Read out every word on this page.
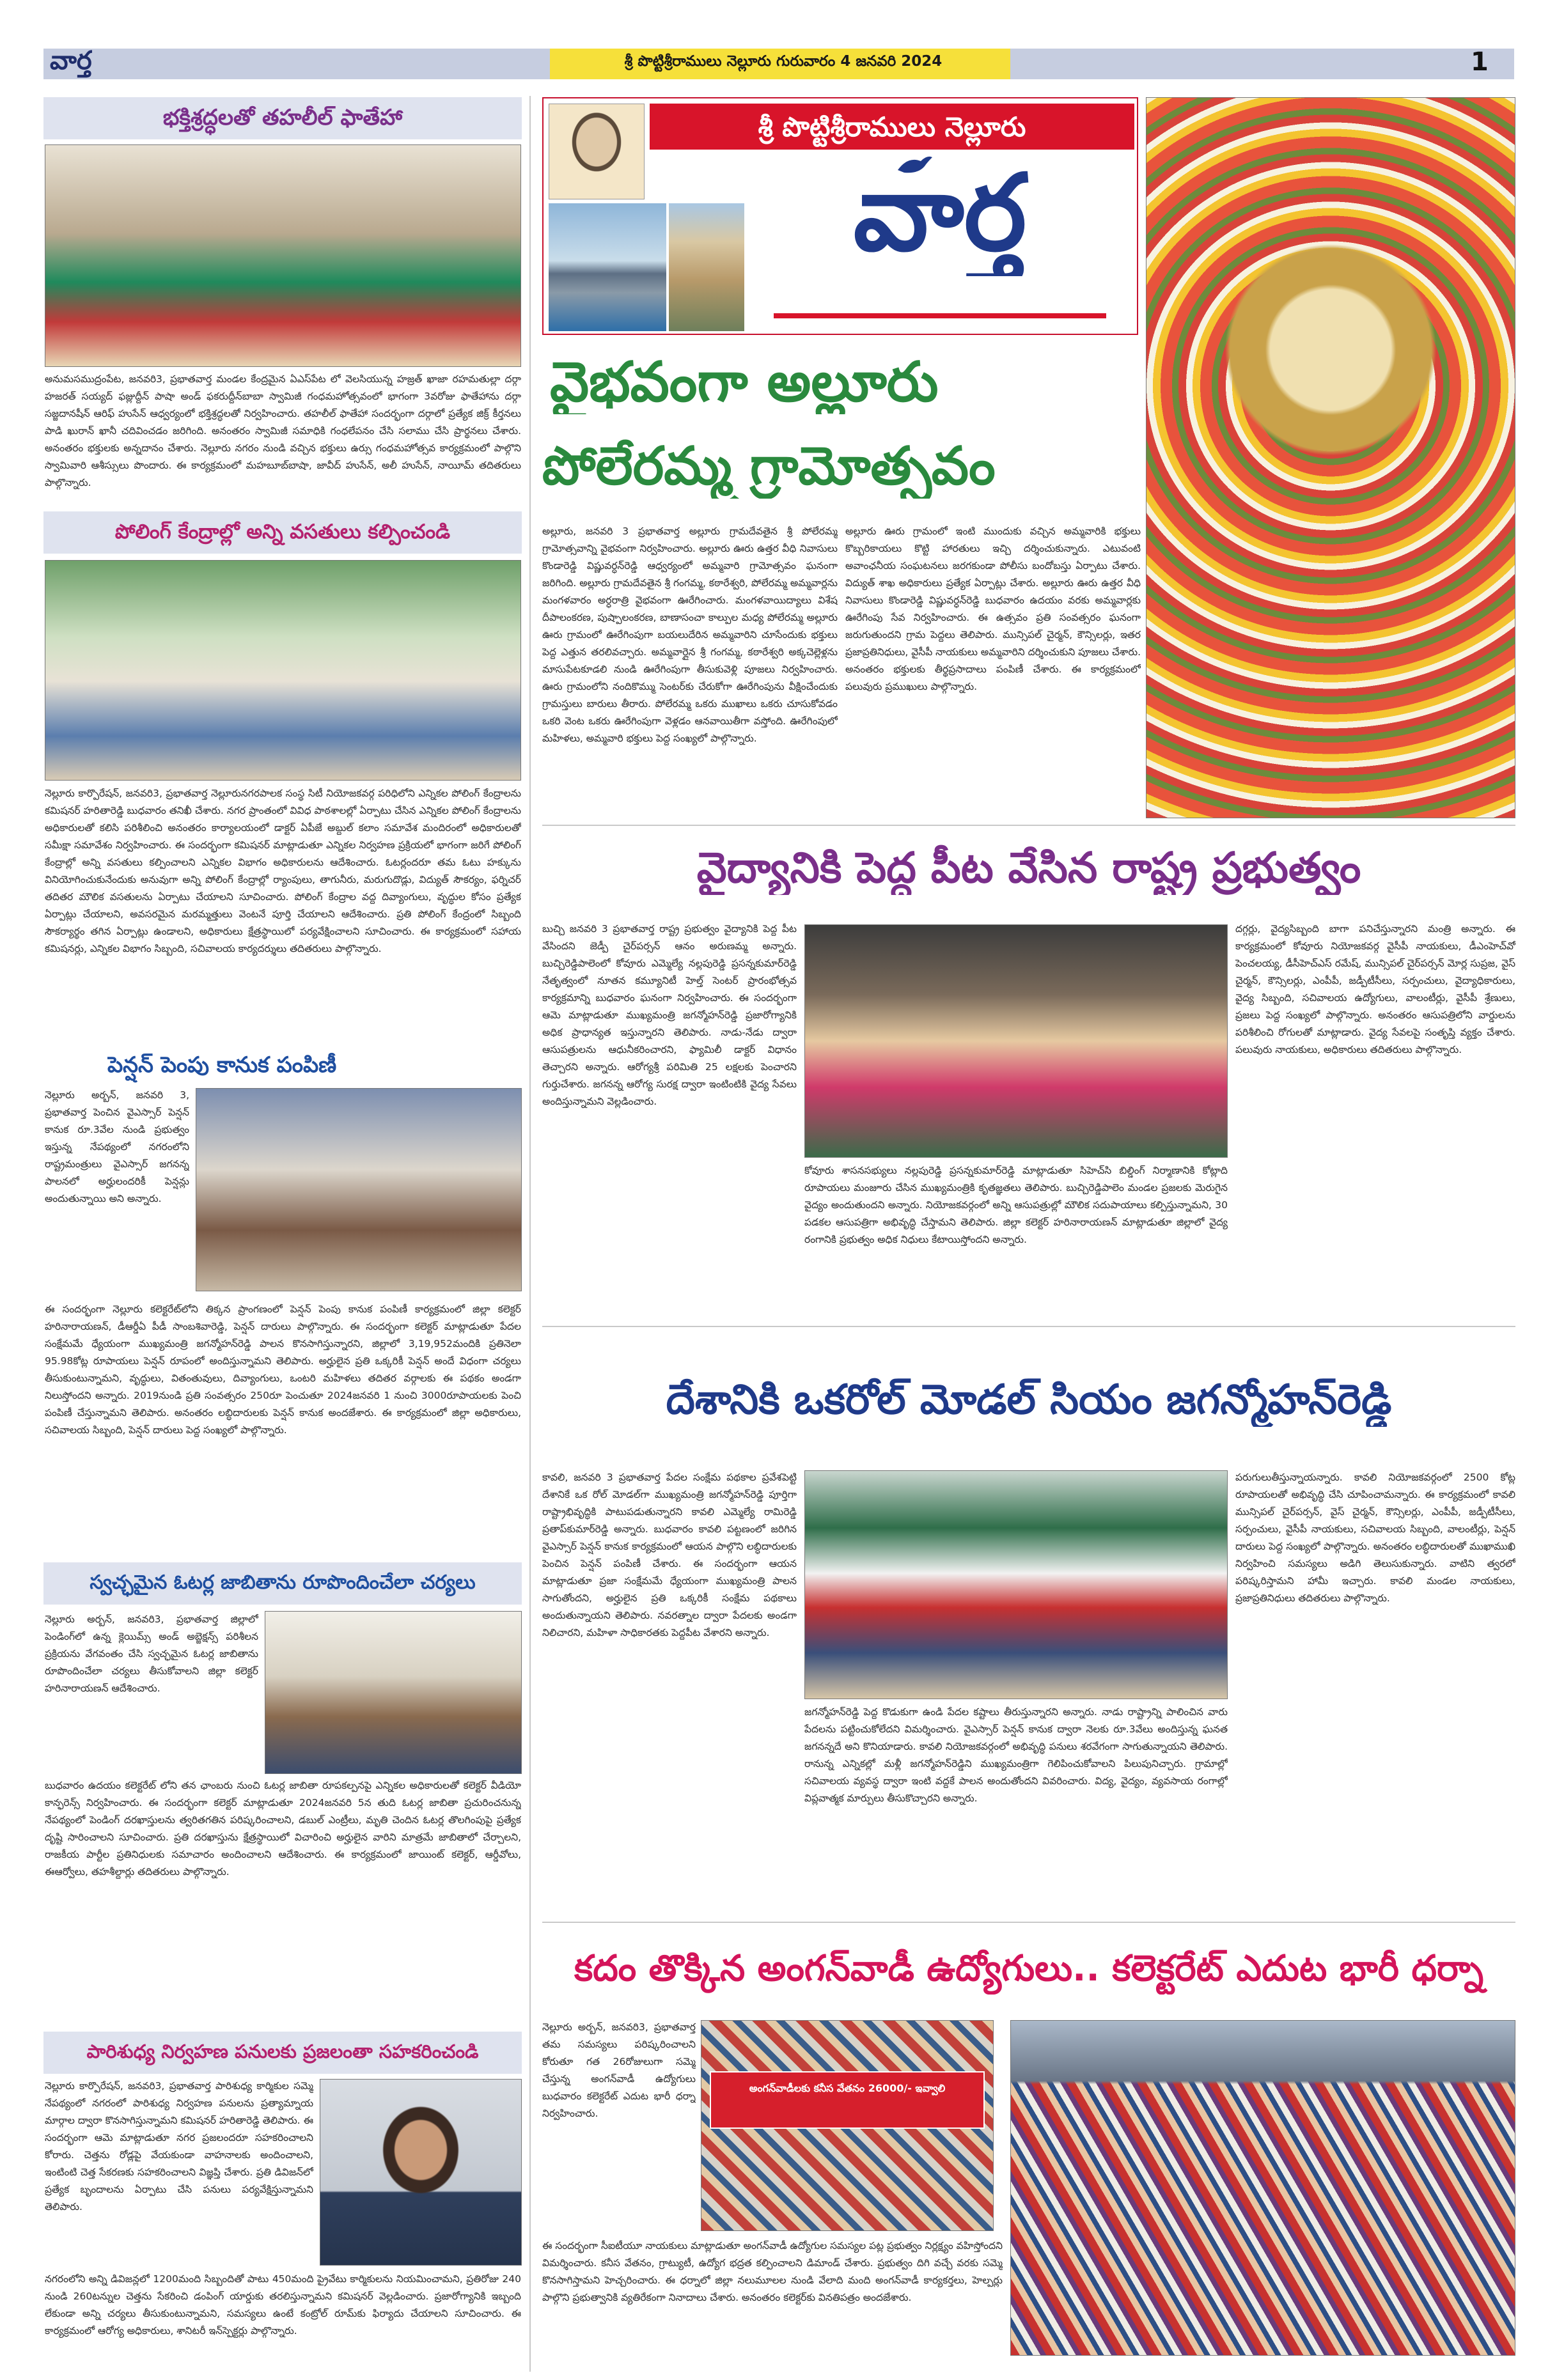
వార్త	శ్రీ పొట్టిశ్రీరాములు నెల్లూరు గురువారం 4 జనవరి 2024	1
భక్తిశ్రద్ధలతో తహలీల్ ఫాతేహా
అనుమసముద్రంపేట, జనవరి3, ప్రభాతవార్త మండల కేంద్రమైన ఏఎస్‌పేట లో వెలసియున్న హజ్రత్ ఖాజా రహమతుల్లా దర్గా హజరత్ సయ్యద్ ఫజ్లుద్దీన్ పాషా అండ్ ఫకరుద్దీన్‌బాబా స్వామిజీ గంధమహోత్సవంలో భాగంగా 3వరోజు ఫాతేహాను దర్గా సజ్జదానషీన్ ఆరిఫ్ హుసేన్ ఆధ్వర్యంలో భక్తిశ్రద్ధలతో నిర్వహించారు. తహలీల్ ఫాతేహా సందర్భంగా దర్గాలో ప్రత్యేక జిక్ర్ కీర్తనలు పాడి ఖురాన్ ఖానీ చదివించడం జరిగింది. అనంతరం స్వామిజీ సమాధికి గంధలేపనం చేసి సలాము చేసి ప్రార్థనలు చేశారు. అనంతరం భక్తులకు అన్నదానం చేశారు. నెల్లూరు నగరం నుండి వచ్చిన భక్తులు ఉర్సు గంధమహోత్సవ కార్యక్రమంలో పాల్గొని స్వామివారి ఆశీస్సులు పొందారు. ఈ కార్యక్రమంలో మహబూబ్‌బాషా, జావీద్ హుసేన్, అలీ హుసేన్, నాయీమ్ తదితరులు పాల్గొన్నారు.
పోలింగ్ కేంద్రాల్లో అన్ని వసతులు కల్పించండి
నెల్లూరు కార్పొరేషన్, జనవరి3, ప్రభాతవార్త నెల్లూరునగరపాలక సంస్థ సిటీ నియోజకవర్గ పరిధిలోని ఎన్నికల పోలింగ్ కేంద్రాలను కమిషనర్ హరితారెడ్డి బుధవారం తనిఖీ చేశారు. నగర ప్రాంతంలో వివిధ పాఠశాలల్లో ఏర్పాటు చేసిన ఎన్నికల పోలింగ్ కేంద్రాలను అధికారులతో కలిసి పరిశీలించి అనంతరం కార్యాలయంలో డాక్టర్ ఏపీజే అబ్దుల్ కలాం సమావేశ మందిరంలో అధికారులతో సమీక్షా సమావేశం నిర్వహించారు. ఈ సందర్భంగా కమిషనర్ మాట్లాడుతూ ఎన్నికల నిర్వహణ ప్రక్రియలో భాగంగా జరిగే పోలింగ్ కేంద్రాల్లో అన్ని వసతులు కల్పించాలని ఎన్నికల విభాగం అధికారులను ఆదేశించారు. ఓటర్లందరూ తమ ఓటు హక్కును వినియోగించుకునేందుకు అనువుగా అన్ని పోలింగ్ కేంద్రాల్లో ర్యాంపులు, తాగునీరు, మరుగుదొడ్లు, విద్యుత్ సౌకర్యం, ఫర్నిచర్ తదితర మౌలిక వసతులను ఏర్పాటు చేయాలని సూచించారు. పోలింగ్ కేంద్రాల వద్ద దివ్యాంగులు, వృద్ధుల కోసం ప్రత్యేక ఏర్పాట్లు చేయాలని, అవసరమైన మరమ్మత్తులు వెంటనే పూర్తి చేయాలని ఆదేశించారు. ప్రతి పోలింగ్ కేంద్రంలో సిబ్బంది సౌకర్యార్థం తగిన ఏర్పాట్లు ఉండాలని, అధికారులు క్షేత్రస్థాయిలో పర్యవేక్షించాలని సూచించారు. ఈ కార్యక్రమంలో సహాయ కమిషనర్లు, ఎన్నికల విభాగం సిబ్బంది, సచివాలయ కార్యదర్శులు తదితరులు పాల్గొన్నారు.
పెన్షన్ పెంపు కానుక పంపిణీ
నెల్లూరు అర్బన్, జనవరి 3, ప్రభాతవార్త పెంచిన వైఎస్సార్ పెన్షన్ కానుక రూ.3వేల నుండి ప్రభుత్వం ఇస్తున్న నేపథ్యంలో నగరంలోని రాష్ట్రమంత్రులు వైఎస్సార్ జగనన్న పాలనలో అర్హులందరికీ పెన్షన్లు అందుతున్నాయి అని అన్నారు.
ఈ సందర్భంగా నెల్లూరు కలెక్టరేట్‌లోని తిక్కన ప్రాంగణంలో పెన్షన్ పెంపు కానుక పంపిణీ కార్యక్రమంలో జిల్లా కలెక్టర్ హరినారాయణన్, డీఆర్డీఏ పీడీ సాంబశివారెడ్డి, పెన్షన్ దారులు పాల్గొన్నారు. ఈ సందర్భంగా కలెక్టర్ మాట్లాడుతూ పేదల సంక్షేమమే ధ్యేయంగా ముఖ్యమంత్రి జగన్మోహన్‌రెడ్డి పాలన కొనసాగిస్తున్నారని, జిల్లాలో 3,19,952మందికి ప్రతినెలా 95.98కోట్ల రూపాయలు పెన్షన్ రూపంలో అందిస్తున్నామని తెలిపారు. అర్హులైన ప్రతి ఒక్కరికీ పెన్షన్ అందే విధంగా చర్యలు తీసుకుంటున్నామని, వృద్ధులు, వితంతువులు, దివ్యాంగులు, ఒంటరి మహిళలు తదితర వర్గాలకు ఈ పథకం అండగా నిలుస్తోందని అన్నారు. 2019నుండి ప్రతి సంవత్సరం 250రూ పెంచుతూ 2024జనవరి 1 నుంచి 3000రూపాయలకు పెంచి పంపిణీ చేస్తున్నామని తెలిపారు. అనంతరం లబ్ధిదారులకు పెన్షన్ కానుక అందజేశారు. ఈ కార్యక్రమంలో జిల్లా అధికారులు, సచివాలయ సిబ్బంది, పెన్షన్ దారులు పెద్ద సంఖ్యలో పాల్గొన్నారు.
స్వచ్ఛమైన ఓటర్ల జాబితాను రూపొందించేలా చర్యలు
నెల్లూరు అర్బన్, జనవరి3, ప్రభాతవార్త జిల్లాలో పెండింగ్‌లో ఉన్న క్లెయిమ్స్ అండ్ అబ్జెక్షన్స్ పరిశీలన ప్రక్రియను వేగవంతం చేసి స్వచ్ఛమైన ఓటర్ల జాబితాను రూపొందించేలా చర్యలు తీసుకోవాలని జిల్లా కలెక్టర్ హరినారాయణన్ ఆదేశించారు.
బుధవారం ఉదయం కలెక్టరేట్ లోని తన ఛాంబరు నుంచి ఓటర్ల జాబితా రూపకల్పనపై ఎన్నికల అధికారులతో కలెక్టర్ వీడియో కాన్ఫరెన్స్ నిర్వహించారు. ఈ సందర్భంగా కలెక్టర్ మాట్లాడుతూ 2024జనవరి 5న తుది ఓటర్ల జాబితా ప్రచురించనున్న నేపథ్యంలో పెండింగ్ దరఖాస్తులను త్వరితగతిన పరిష్కరించాలని, డబుల్ ఎంట్రీలు, మృతి చెందిన ఓటర్ల తొలగింపుపై ప్రత్యేక దృష్టి సారించాలని సూచించారు. ప్రతి దరఖాస్తును క్షేత్రస్థాయిలో విచారించి అర్హులైన వారిని మాత్రమే జాబితాలో చేర్చాలని, రాజకీయ పార్టీల ప్రతినిధులకు సమాచారం అందించాలని ఆదేశించారు. ఈ కార్యక్రమంలో జాయింట్ కలెక్టర్, ఆర్డీవోలు, ఈఆర్వోలు, తహశీల్దార్లు తదితరులు పాల్గొన్నారు.
పారిశుధ్య నిర్వహణ పనులకు ప్రజలంతా సహకరించండి
నెల్లూరు కార్పొరేషన్, జనవరి3, ప్రభాతవార్త పారిశుధ్య కార్మికుల సమ్మె నేపథ్యంలో నగరంలో పారిశుధ్య నిర్వహణ పనులను ప్రత్యామ్నాయ మార్గాల ద్వారా కొనసాగిస్తున్నామని కమిషనర్ హరితారెడ్డి తెలిపారు. ఈ సందర్భంగా ఆమె మాట్లాడుతూ నగర ప్రజలందరూ సహకరించాలని కోరారు. చెత్తను రోడ్లపై వేయకుండా వాహనాలకు అందించాలని, ఇంటింటి చెత్త సేకరణకు సహకరించాలని విజ్ఞప్తి చేశారు. ప్రతి డివిజన్‌లో ప్రత్యేక బృందాలను ఏర్పాటు చేసి పనులు పర్యవేక్షిస్తున్నామని తెలిపారు.
నగరంలోని అన్ని డివిజన్లలో 1200మంది సిబ్బందితో పాటు 450మంది ప్రైవేటు కార్మికులను నియమించామని, ప్రతిరోజు 240 నుండి 260టన్నుల చెత్తను సేకరించి డంపింగ్ యార్డుకు తరలిస్తున్నామని కమిషనర్ వెల్లడించారు. ప్రజారోగ్యానికి ఇబ్బంది లేకుండా అన్ని చర్యలు తీసుకుంటున్నామని, సమస్యలు ఉంటే కంట్రోల్ రూమ్‌కు ఫిర్యాదు చేయాలని సూచించారు. ఈ కార్యక్రమంలో ఆరోగ్య అధికారులు, శానిటరీ ఇన్‌స్పెక్టర్లు పాల్గొన్నారు.
శ్రీ పొట్టిశ్రీరాములు నెల్లూరు
వార్త
వైభవంగా అల్లూరు
పోలేరమ్మ గ్రామోత్సవం
అల్లూరు, జనవరి 3 ప్రభాతవార్త అల్లూరు గ్రామదేవతైన శ్రీ పోలేరమ్మ గ్రామోత్సవాన్ని వైభవంగా నిర్వహించారు. అల్లూరు ఊరు ఉత్తర వీధి నివాసులు కొండారెడ్డి విష్ణువర్ధన్‌రెడ్డి ఆధ్వర్యంలో అమ్మవారి గ్రామోత్సవం ఘనంగా జరిగింది. అల్లూరు గ్రామదేవతైన శ్రీ గంగమ్మ, కఠారేశ్వరి, పోలేరమ్మ అమ్మవార్లను మంగళవారం అర్ధరాత్రి వైభవంగా ఊరేగించారు. మంగళవాయిద్యాలు విశేష దీపాలంకరణ, పుష్పాలంకరణ, బాణాసంచా కాల్పుల మధ్య పోలేరమ్మ అల్లూరు ఊరు గ్రామంలో ఊరేగింపుగా బయలుదేరిన అమ్మవారిని చూసేందుకు భక్తులు పెద్ద ఎత్తున తరలివచ్చారు. అమ్మవార్లైన శ్రీ గంగమ్మ, కఠారేశ్వరి అక్కచెల్లెళ్లను మాసుపేటకూడలి నుండి ఊరేగింపుగా తీసుకువెళ్లి పూజలు నిర్వహించారు. ఊరు గ్రామంలోని నందికొమ్ము సెంటర్‌కు చేరుకోగా ఊరేగింపును వీక్షించేందుకు గ్రామస్తులు బారులు తీరారు. పోలేరమ్మ ఒకరు ముఖాలు ఒకరు చూసుకోవడం ఒకరి వెంట ఒకరు ఊరేగింపుగా వెళ్లడం ఆనవాయితీగా వస్తోంది. ఊరేగింపులో మహిళలు, అమ్మవారి భక్తులు పెద్ద సంఖ్యలో పాల్గొన్నారు.
అల్లూరు ఊరు గ్రామంలో ఇంటి ముందుకు వచ్చిన అమ్మవారికి భక్తులు కొబ్బరికాయలు కొట్టి హారతులు ఇచ్చి దర్శించుకున్నారు. ఎటువంటి అవాంఛనీయ సంఘటనలు జరగకుండా పోలీసు బందోబస్తు ఏర్పాటు చేశారు. విద్యుత్ శాఖ అధికారులు ప్రత్యేక ఏర్పాట్లు చేశారు. అల్లూరు ఊరు ఉత్తర వీధి నివాసులు కొండారెడ్డి విష్ణువర్ధన్‌రెడ్డి బుధవారం ఉదయం వరకు అమ్మవార్లకు ఊరేగింపు సేవ నిర్వహించారు. ఈ ఉత్సవం ప్రతి సంవత్సరం ఘనంగా జరుగుతుందని గ్రామ పెద్దలు తెలిపారు. మున్సిపల్ చైర్మన్, కౌన్సిలర్లు, ఇతర ప్రజాప్రతినిధులు, వైసీపీ నాయకులు అమ్మవారిని దర్శించుకుని పూజలు చేశారు. అనంతరం భక్తులకు తీర్థప్రసాదాలు పంపిణీ చేశారు. ఈ కార్యక్రమంలో పలువురు ప్రముఖులు పాల్గొన్నారు.
వైద్యానికి పెద్ద పీట వేసిన రాష్ట్ర ప్రభుత్వం
బుచ్చి జనవరి 3 ప్రభాతవార్త రాష్ట్ర ప్రభుత్వం వైద్యానికి పెద్ద పీట వేసిందని జెడ్పీ చైర్‌పర్సన్ ఆనం అరుణమ్మ అన్నారు. బుచ్చిరెడ్డిపాలెంలో కోవూరు ఎమ్మెల్యే నల్లపురెడ్డి ప్రసన్నకుమార్‌రెడ్డి నేతృత్వంలో నూతన కమ్యూనిటీ హెల్త్ సెంటర్ ప్రారంభోత్సవ కార్యక్రమాన్ని బుధవారం ఘనంగా నిర్వహించారు. ఈ సందర్భంగా ఆమె మాట్లాడుతూ ముఖ్యమంత్రి జగన్మోహన్‌రెడ్డి ప్రజారోగ్యానికి అధిక ప్రాధాన్యత ఇస్తున్నారని తెలిపారు. నాడు-నేడు ద్వారా ఆసుపత్రులను ఆధునీకరించారని, ఫ్యామిలీ డాక్టర్ విధానం తెచ్చారని అన్నారు. ఆరోగ్యశ్రీ పరిమితి 25 లక్షలకు పెంచారని గుర్తుచేశారు. జగనన్న ఆరోగ్య సురక్ష ద్వారా ఇంటింటికి వైద్య సేవలు అందిస్తున్నామని వెల్లడించారు.
కోవూరు శాసనసభ్యులు నల్లపురెడ్డి ప్రసన్నకుమార్‌రెడ్డి మాట్లాడుతూ సిహెచ్‌సి బిల్డింగ్ నిర్మాణానికి కోట్లాది రూపాయలు మంజూరు చేసిన ముఖ్యమంత్రికి కృతజ్ఞతలు తెలిపారు. బుచ్చిరెడ్డిపాలెం మండల ప్రజలకు మెరుగైన వైద్యం అందుతుందని అన్నారు. నియోజకవర్గంలో అన్ని ఆసుపత్రుల్లో మౌలిక సదుపాయాలు కల్పిస్తున్నామని, 30 పడకల ఆసుపత్రిగా అభివృద్ధి చేస్తామని తెలిపారు. జిల్లా కలెక్టర్ హరినారాయణన్ మాట్లాడుతూ జిల్లాలో వైద్య రంగానికి ప్రభుత్వం అధిక నిధులు కేటాయిస్తోందని అన్నారు.
దగ్గర్లు, వైద్యసిబ్బంది బాగా పనిచేస్తున్నారని మంత్రి అన్నారు. ఈ కార్యక్రమంలో కోవూరు నియోజకవర్గ వైసీపీ నాయకులు, డీఎంహెచ్‌వో పెంచలయ్య, డీసీహెచ్ఎస్ రమేష్, మున్సిపల్ చైర్‌పర్సన్ మోర్ల సుప్రజ, వైస్ చైర్మన్, కౌన్సిలర్లు, ఎంపీపీ, జడ్పీటీసీలు, సర్పంచులు, వైద్యాధికారులు, వైద్య సిబ్బంది, సచివాలయ ఉద్యోగులు, వాలంటీర్లు, వైసీపీ శ్రేణులు, ప్రజలు పెద్ద సంఖ్యలో పాల్గొన్నారు. అనంతరం ఆసుపత్రిలోని వార్డులను పరిశీలించి రోగులతో మాట్లాడారు. వైద్య సేవలపై సంతృప్తి వ్యక్తం చేశారు. పలువురు నాయకులు, అధికారులు తదితరులు పాల్గొన్నారు.
దేశానికి ఒకరోల్ మోడల్ సియం జగన్మోహన్‌రెడ్డి
కావలి, జనవరి 3 ప్రభాతవార్త పేదల సంక్షేమ పథకాల ప్రవేశపెట్టి దేశానికే ఒక రోల్ మోడల్‌గా ముఖ్యమంత్రి జగన్మోహన్‌రెడ్డి పూర్తిగా రాష్ట్రాభివృద్ధికి పాటుపడుతున్నారని కావలి ఎమ్మెల్యే రామిరెడ్డి ప్రతాప్‌కుమార్‌రెడ్డి అన్నారు. బుధవారం కావలి పట్టణంలో జరిగిన వైఎస్సార్ పెన్షన్ కానుక కార్యక్రమంలో ఆయన పాల్గొని లబ్ధిదారులకు పెంచిన పెన్షన్ పంపిణీ చేశారు. ఈ సందర్భంగా ఆయన మాట్లాడుతూ ప్రజా సంక్షేమమే ధ్యేయంగా ముఖ్యమంత్రి పాలన సాగుతోందని, అర్హులైన ప్రతి ఒక్కరికీ సంక్షేమ పథకాలు అందుతున్నాయని తెలిపారు. నవరత్నాల ద్వారా పేదలకు అండగా నిలిచారని, మహిళా సాధికారతకు పెద్దపీట వేశారని అన్నారు.
జగన్మోహన్‌రెడ్డి పెద్ద కొడుకుగా ఉండి పేదల కష్టాలు తీరుస్తున్నారని అన్నారు. నాడు రాష్ట్రాన్ని పాలించిన వారు పేదలను పట్టించుకోలేదని విమర్శించారు. వైఎస్సార్ పెన్షన్ కానుక ద్వారా నెలకు రూ.3వేలు అందిస్తున్న ఘనత జగనన్నదే అని కొనియాడారు. కావలి నియోజకవర్గంలో అభివృద్ధి పనులు శరవేగంగా సాగుతున్నాయని తెలిపారు. రానున్న ఎన్నికల్లో మళ్లీ జగన్మోహన్‌రెడ్డిని ముఖ్యమంత్రిగా గెలిపించుకోవాలని పిలుపునిచ్చారు. గ్రామాల్లో సచివాలయ వ్యవస్థ ద్వారా ఇంటి వద్దకే పాలన అందుతోందని వివరించారు. విద్య, వైద్యం, వ్యవసాయ రంగాల్లో విప్లవాత్మక మార్పులు తీసుకొచ్చారని అన్నారు.
పరుగులుతీస్తున్నాయన్నారు. కావలి నియోజకవర్గంలో 2500 కోట్ల రూపాయలతో అభివృద్ధి చేసి చూపించామన్నారు. ఈ కార్యక్రమంలో కావలి మున్సిపల్ చైర్‌పర్సన్, వైస్ చైర్మన్, కౌన్సిలర్లు, ఎంపీపీ, జడ్పీటీసీలు, సర్పంచులు, వైసీపీ నాయకులు, సచివాలయ సిబ్బంది, వాలంటీర్లు, పెన్షన్ దారులు పెద్ద సంఖ్యలో పాల్గొన్నారు. అనంతరం లబ్ధిదారులతో ముఖాముఖి నిర్వహించి సమస్యలు అడిగి తెలుసుకున్నారు. వాటిని త్వరలో పరిష్కరిస్తామని హామీ ఇచ్చారు. కావలి మండల నాయకులు, ప్రజాప్రతినిధులు తదితరులు పాల్గొన్నారు.
కదం తొక్కిన అంగన్‌వాడీ ఉద్యోగులు.. కలెక్టరేట్ ఎదుట భారీ ధర్నా
నెల్లూరు అర్బన్, జనవరి3, ప్రభాతవార్త తమ సమస్యలు పరిష్కరించాలని కోరుతూ గత 26రోజులుగా సమ్మె చేస్తున్న అంగన్‌వాడీ ఉద్యోగులు బుధవారం కలెక్టరేట్ ఎదుట భారీ ధర్నా నిర్వహించారు.
అంగన్‌వాడీలకు కనీస వేతనం 26000/- ఇవ్వాలి
ఈ సందర్భంగా సీఐటీయూ నాయకులు మాట్లాడుతూ అంగన్‌వాడీ ఉద్యోగుల సమస్యల పట్ల ప్రభుత్వం నిర్లక్ష్యం వహిస్తోందని విమర్శించారు. కనీస వేతనం, గ్రాట్యుటీ, ఉద్యోగ భద్రత కల్పించాలని డిమాండ్ చేశారు. ప్రభుత్వం దిగి వచ్చే వరకు సమ్మె కొనసాగిస్తామని హెచ్చరించారు. ఈ ధర్నాలో జిల్లా నలుమూలల నుండి వేలాది మంది అంగన్‌వాడీ కార్యకర్తలు, హెల్పర్లు పాల్గొని ప్రభుత్వానికి వ్యతిరేకంగా నినాదాలు చేశారు. అనంతరం కలెక్టర్‌కు వినతిపత్రం అందజేశారు.
